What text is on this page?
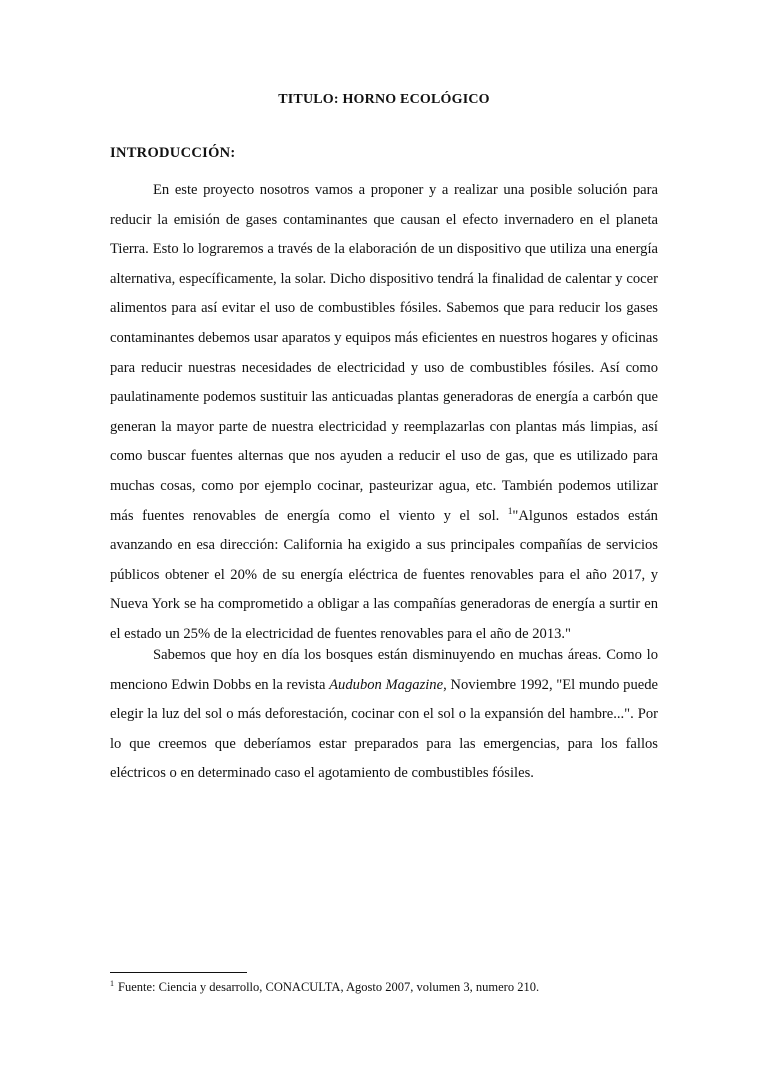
TITULO: HORNO ECOLÓGICO
INTRODUCCIÓN:

En este proyecto nosotros vamos a proponer y a realizar una posible solución para reducir la emisión de gases contaminantes que causan el efecto invernadero en el planeta Tierra. Esto lo lograremos a través de la elaboración de un dispositivo que utiliza una energía alternativa, específicamente, la solar. Dicho dispositivo tendrá la finalidad de calentar y cocer alimentos para así evitar el uso de combustibles fósiles. Sabemos que para reducir los gases contaminantes debemos usar aparatos y equipos más eficientes en nuestros hogares y oficinas para reducir nuestras necesidades de electricidad y uso de combustibles fósiles. Así como paulatinamente podemos sustituir las anticuadas plantas generadoras de energía a carbón que generan la mayor parte de nuestra electricidad y reemplazarlas con plantas más limpias, así como buscar fuentes alternas que nos ayuden a reducir el uso de gas, que es utilizado para muchas cosas, como por ejemplo cocinar, pasteurizar agua, etc. También podemos utilizar más fuentes renovables de energía como el viento y el sol. $^1$"Algunos estados están avanzando en esa dirección: California ha exigido a sus principales compañías de servicios públicos obtener el 20% de su energía eléctrica de fuentes renovables para el año 2017, y Nueva York se ha comprometido a obligar a las compañías generadoras de energía a surtir en el estado un 25% de la electricidad de fuentes renovables para el año de 2013."

Sabemos que hoy en día los bosques están disminuyendo en muchas áreas. Como lo menciono Edwin Dobbs en la revista Audubon Magazine, Noviembre 1992, "El mundo puede elegir la luz del sol o más deforestación, cocinar con el sol o la expansión del hambre...". Por lo que creemos que deberíamos estar preparados para las emergencias, para los fallos eléctricos o en determinado caso el agotamiento de combustibles fósiles.

$^1$ Fuente: Ciencia y desarrollo, CONACULTA, Agosto 2007, volumen 3, numero 210.
